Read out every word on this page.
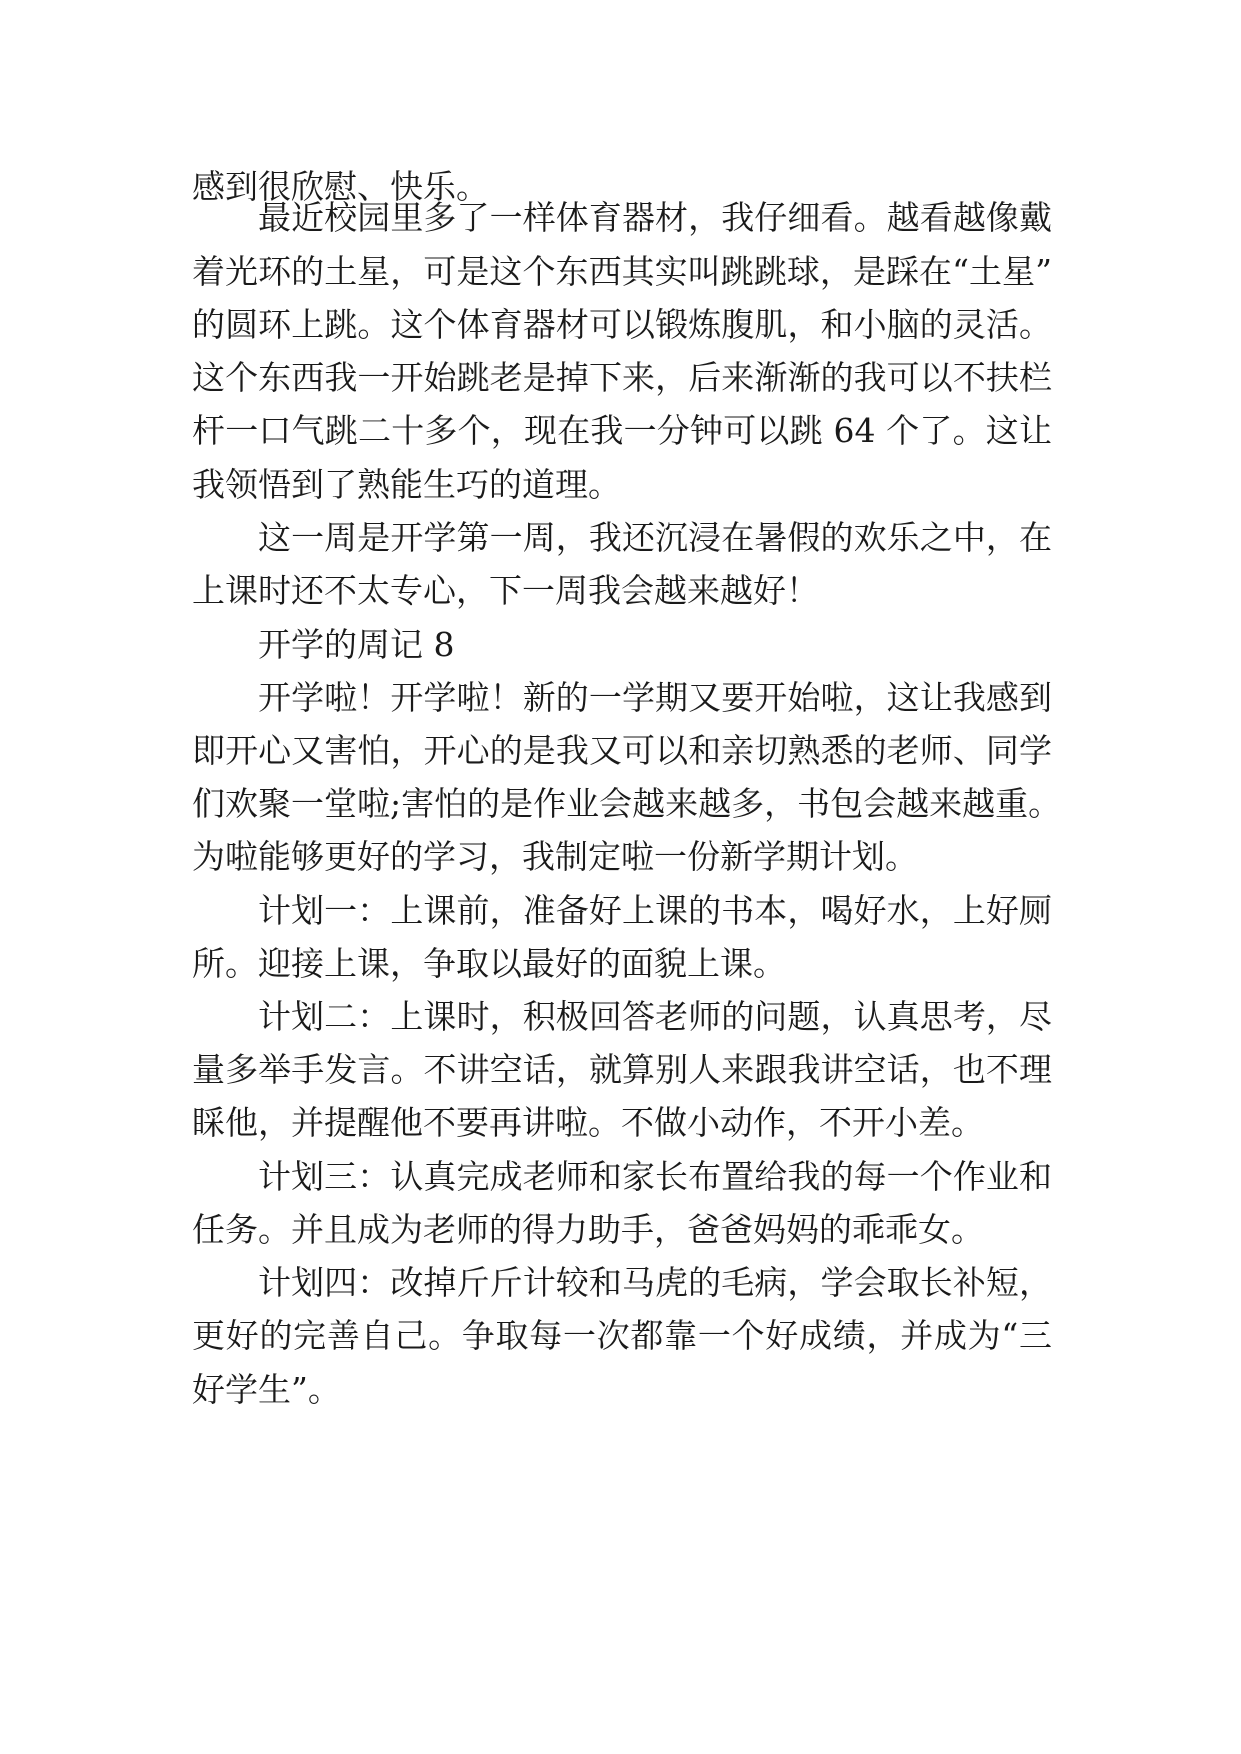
感到很欣慰、快乐。
最近校园里多了一样体育器材，我仔细看。越看越像戴
着光环的土星，可是这个东西其实叫跳跳球，是踩在“土星”
的圆环上跳。这个体育器材可以锻炼腹肌，和小脑的灵活。
这个东西我一开始跳老是掉下来，后来渐渐的我可以不扶栏
杆一口气跳二十多个，现在我一分钟可以跳 64 个了。这让
我领悟到了熟能生巧的道理。
这一周是开学第一周，我还沉浸在暑假的欢乐之中，在
上课时还不太专心，下一周我会越来越好！
开学的周记 8
开学啦！开学啦！新的一学期又要开始啦，这让我感到
即开心又害怕，开心的是我又可以和亲切熟悉的老师、同学
们欢聚一堂啦;害怕的是作业会越来越多，书包会越来越重。
为啦能够更好的学习，我制定啦一份新学期计划。
计划一：上课前，准备好上课的书本，喝好水，上好厕
所。迎接上课，争取以最好的面貌上课。
计划二：上课时，积极回答老师的问题，认真思考，尽
量多举手发言。不讲空话，就算别人来跟我讲空话，也不理
睬他，并提醒他不要再讲啦。不做小动作，不开小差。
计划三：认真完成老师和家长布置给我的每一个作业和
任务。并且成为老师的得力助手，爸爸妈妈的乖乖女。
计划四：改掉斤斤计较和马虎的毛病，学会取长补短，
更好的完善自己。争取每一次都靠一个好成绩，并成为“三
好学生”。
